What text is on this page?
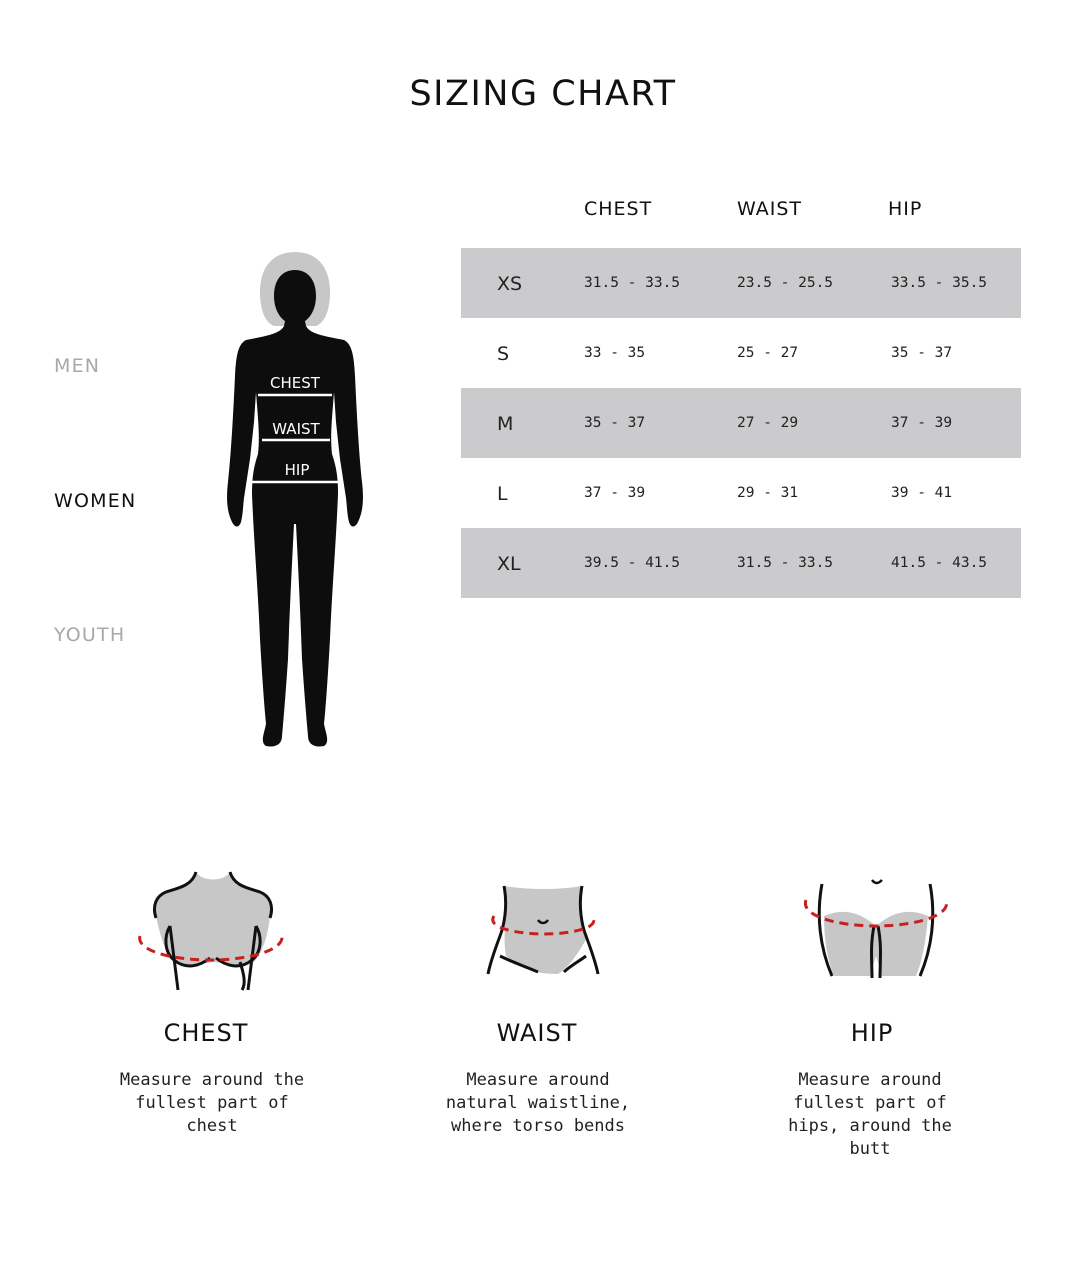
SIZING CHART
MEN
WOMEN
YOUTH
CHEST
WAIST
HIP
CHEST	WAIST	HIP
XS	31.5 - 33.5	23.5 - 25.5	33.5 - 35.5
S	33 - 35	25 - 27	35 - 37
M	35 - 37	27 - 29	37 - 39
L	37 - 39	29 - 31	39 - 41
XL	39.5 - 41.5	31.5 - 33.5	41.5 - 43.5
CHEST	WAIST	HIP
Measure around the
fullest part of
chest
Measure around
natural waistline,
where torso bends
Measure around
fullest part of
hips, around the
butt
